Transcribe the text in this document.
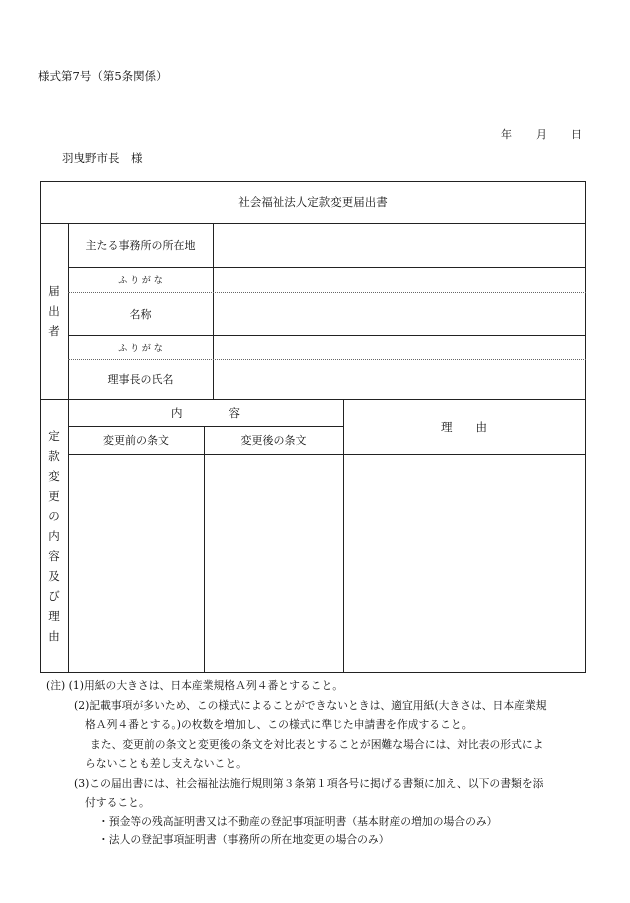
様式第7号（第5条関係）
年 月 日
羽曳野市長　様
社会福祉法人定款変更届出書
届
出
者
主たる事務所の所在地
ふ り が な
名称
ふ り が な
理事長の氏名
定
款
変
更
の
内
容
及
び
理
由
内　　　　容
変更前の条文	変更後の条文
理　　由
(注) (1)用紙の大きさは、日本産業規格Ａ列４番とすること。
(2)記載事項が多いため、この様式によることができないときは、適宜用紙(大きさは、日本産業規
格Ａ列４番とする。)の枚数を増加し、この様式に準じた申請書を作成すること。
また、変更前の条文と変更後の条文を対比表とすることが困難な場合には、対比表の形式によ
らないことも差し支えないこと。
(3)この届出書には、社会福祉法施行規則第３条第１項各号に掲げる書類に加え、以下の書類を添
付すること。
・預金等の残高証明書又は不動産の登記事項証明書（基本財産の増加の場合のみ）
・法人の登記事項証明書（事務所の所在地変更の場合のみ）
